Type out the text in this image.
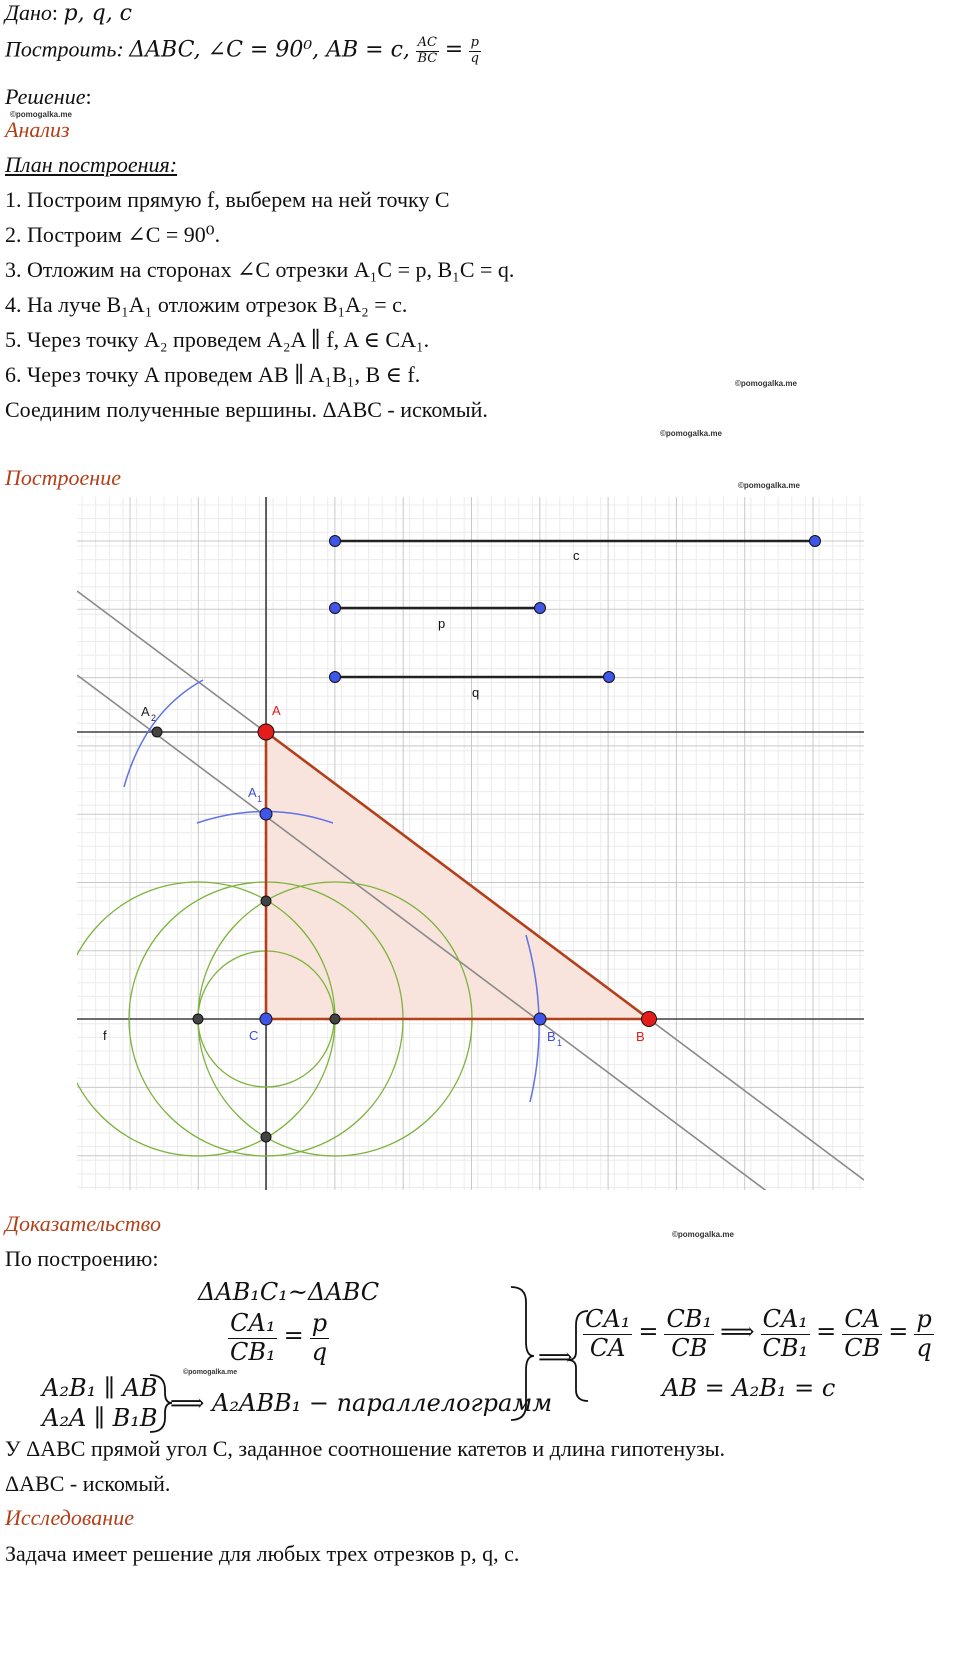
Дано: p, q, c
Построить: ΔABC, ∠C = 90⁰, AB = c, $\frac{AC}{BC} = \frac{p}{q}$
Решение:
©pomogalka.me
Анализ
План построения:
1. Построим прямую f, выберем на ней точку C
2. Построим ∠C = 90⁰.
3. Отложим на сторонах ∠C отрезки A₁C = p, B₁C = q.
4. На луче B₁A₁ отложим отрезок B₁A₂ = c.
5. Через точку A₂ проведем A₂A ∥ f, A ∈ CA₁.
6. Через точку A проведем AB ∥ A₁B₁, B ∈ f.	©pomogalka.me
Соединим полученные вершины. ΔABC - искомый.
©pomogalka.me
Построение	©pomogalka.me
c
p
q
A 2	A
A 1
f	C	B 1	B
Доказательство	©pomogalka.me
По построению:
ΔAB₁C₁~ΔABC
$\frac{\text{CA₁}}{\text{CB₁}} = \frac{p}{q}$
©pomogalka.me
A₂B₁ ∥ AB
A₂A ∥ B₁B
⟹ A₂ABB₁ − параллелограмм
⟹ $\frac{\text{CA₁}}{CA} = \frac{\text{CB₁}}{CB}$ ⟹ $\frac{\text{CA₁}}{\text{CB₁}} = \frac{CA}{CB} = \frac{p}{q}$
AB = A₂B₁ = c
У ΔABC прямой угол C, заданное соотношение катетов и длина гипотенузы.
ΔABC - искомый.
Исследование
Задача имеет решение для любых трех отрезков p, q, c.
